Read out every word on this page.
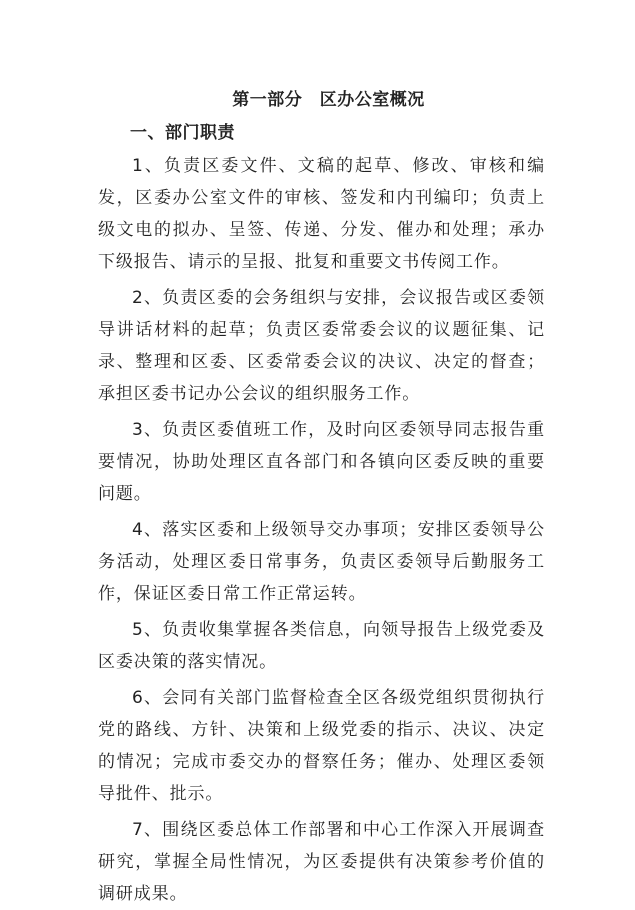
第一部分　区办公室概况
一、部门职责

1、负责区委文件、文稿的起草、修改、审核和编发，区委办公室文件的审核、签发和内刊编印；负责上级文电的拟办、呈签、传递、分发、催办和处理；承办下级报告、请示的呈报、批复和重要文书传阅工作。

2、负责区委的会务组织与安排，会议报告或区委领导讲话材料的起草；负责区委常委会议的议题征集、记录、整理和区委、区委常委会议的决议、决定的督查；承担区委书记办公会议的组织服务工作。

3、负责区委值班工作，及时向区委领导同志报告重要情况，协助处理区直各部门和各镇向区委反映的重要问题。

4、落实区委和上级领导交办事项；安排区委领导公务活动，处理区委日常事务，负责区委领导后勤服务工作，保证区委日常工作正常运转。

5、负责收集掌握各类信息，向领导报告上级党委及区委决策的落实情况。

6、会同有关部门监督检查全区各级党组织贯彻执行党的路线、方针、决策和上级党委的指示、决议、决定的情况；完成市委交办的督察任务；催办、处理区委领导批件、批示。

7、围绕区委总体工作部署和中心工作深入开展调查研究，掌握全局性情况，为区委提供有决策参考价值的调研成果。
